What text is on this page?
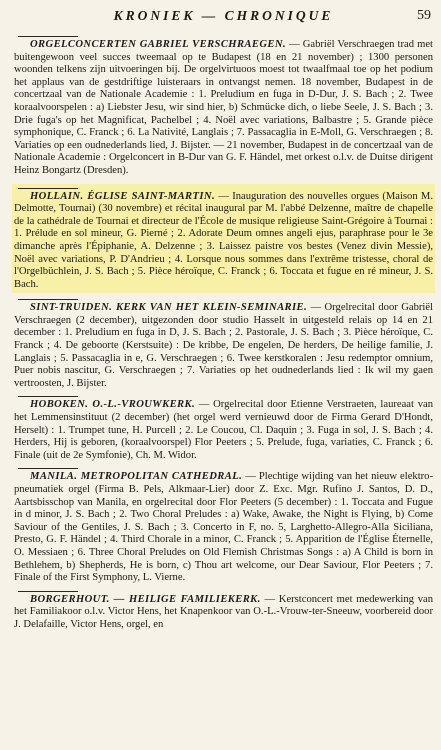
KRONIEK — CHRONIQUE	59

ORGELCONCERTEN GABRIEL VERSCHRAEGEN. — Gabriël Verschraegen trad met buitengewoon veel succes tweemaal op te Budapest (18 en 21 november) ; 1300 personen woonden telkens zijn uitvoeringen bij. De orgelvirtuoos moest tot twaalfmaal toe op het podium het applaus van de gestdriftige luisteraars in ontvangst nemen. 18 november, Budapest in de concertzaal van de Nationale Academie : 1. Preludium en fuga in D-Dur, J. S. Bach ; 2. Twee koraalvoorspelen : a) Liebster Jesu, wir sind hier, b) Schmücke dich, o liebe Seele, J. S. Bach ; 3. Drie fuga's op het Magnificat, Pachelbel ; 4. Noël avec variations, Balbastre ; 5. Grande pièce symphonique, C. Franck ; 6. La Nativité, Langlais ; 7. Passacaglia in E-Moll, G. Verschraegen ; 8. Variaties op een oudnederlands lied, J. Bijster. — 21 november, Budapest in de concertzaal van de Nationale Academie : Orgelconcert in B-Dur van G. F. Händel, met orkest o.l.v. de Duitse dirigent Heinz Bongartz (Dresden).

HOLLAIN. ÉGLISE SAINT-MARTIN. — Inauguration des nouvelles orgues (Maison M. Delmotte, Tournai) (30 novembre) et récital inaugural par M. l'abbé Delzenne, maître de chapelle de la cathédrale de Tournai et directeur de l'École de musique religieuse Saint-Grégoire à Tournai : 1. Prélude en sol mineur, G. Pierné ; 2. Adorate Deum omnes angeli ejus, paraphrase pour le 3e dimanche après l'Épiphanie, A. Delzenne ; 3. Laissez paistre vos bestes (Venez divin Messie), Noël avec variations, P. D'Andrieu ; 4. Lorsque nous sommes dans l'extrême tristesse, choral de l'Orgelbüchlein, J. S. Bach ; 5. Pièce héroïque, C. Franck ; 6. Toccata et fugue en ré mineur, J. S. Bach.

SINT-TRUIDEN. KERK VAN HET KLEIN-SEMINARIE. — Orgelrecital door Gabriël Verschraegen (2 december), uitgezonden door studio Hasselt in uitgesteld relais op 14 en 21 december : 1. Preludium en fuga in D, J. S. Bach ; 2. Pastorale, J. S. Bach ; 3. Pièce héroïque, C. Franck ; 4. De geboorte (Kerstsuite) : De kribbe, De engelen, De herders, De heilige familie, J. Langlais ; 5. Passacaglia in e, G. Verschraegen ; 6. Twee kerstkoralen : Jesu redemptor omnium, Puer nobis nascitur, G. Verschraegen ; 7. Variaties op het oudnederlands lied : Ik wil my gaen vertroosten, J. Bijster.

HOBOKEN. O.-L.-VROUWKERK. — Orgelrecital door Etienne Verstraeten, laureaat van het Lemmensinstituut (2 december) (het orgel werd vernieuwd door de Firma Gerard D'Hondt, Herselt) : 1. Trumpet tune, H. Purcell ; 2. Le Coucou, Cl. Daquin ; 3. Fuga in sol, J. S. Bach ; 4. Herders, Hij is geboren, (koraalvoorspel) Flor Peeters ; 5. Prelude, fuga, variaties, C. Franck ; 6. Finale (uit de 2e Symfonie), Ch. M. Widor.

MANILA. METROPOLITAN CATHEDRAL. — Plechtige wijding van het nieuw elektro-pneumatiek orgel (Firma B. Pels, Alkmaar-Lier) door Z. Exc. Mgr. Rufino J. Santos, D. D., Aartsbisschop van Manila, en orgelrecital door Flor Peeters (5 december) : 1. Toccata and Fugue in d minor, J. S. Bach ; 2. Two Choral Preludes : a) Wake, Awake, the Night is Flying, b) Come Saviour of the Gentiles, J. S. Bach ; 3. Concerto in F, no. 5, Larghetto-Allegro-Alla Siciliana, Presto, G. F. Händel ; 4. Third Chorale in a minor, C. Franck ; 5. Apparition de l'Église Éternelle, O. Messiaen ; 6. Three Choral Preludes on Old Flemish Christmas Songs : a) A Child is born in Bethlehem, b) Shepherds, He is born, c) Thou art welcome, our Dear Saviour, Flor Peeters ; 7. Finale of the First Symphony, L. Vierne.

BORGERHOUT. — HEILIGE FAMILIEKERK. — Kerstconcert met medewerking van het Familiakoor o.l.v. Victor Hens, het Knapenkoor van O.-L.-Vrouw-ter-Sneeuw, voorbereid door J. Delafaille, Victor Hens, orgel, en
